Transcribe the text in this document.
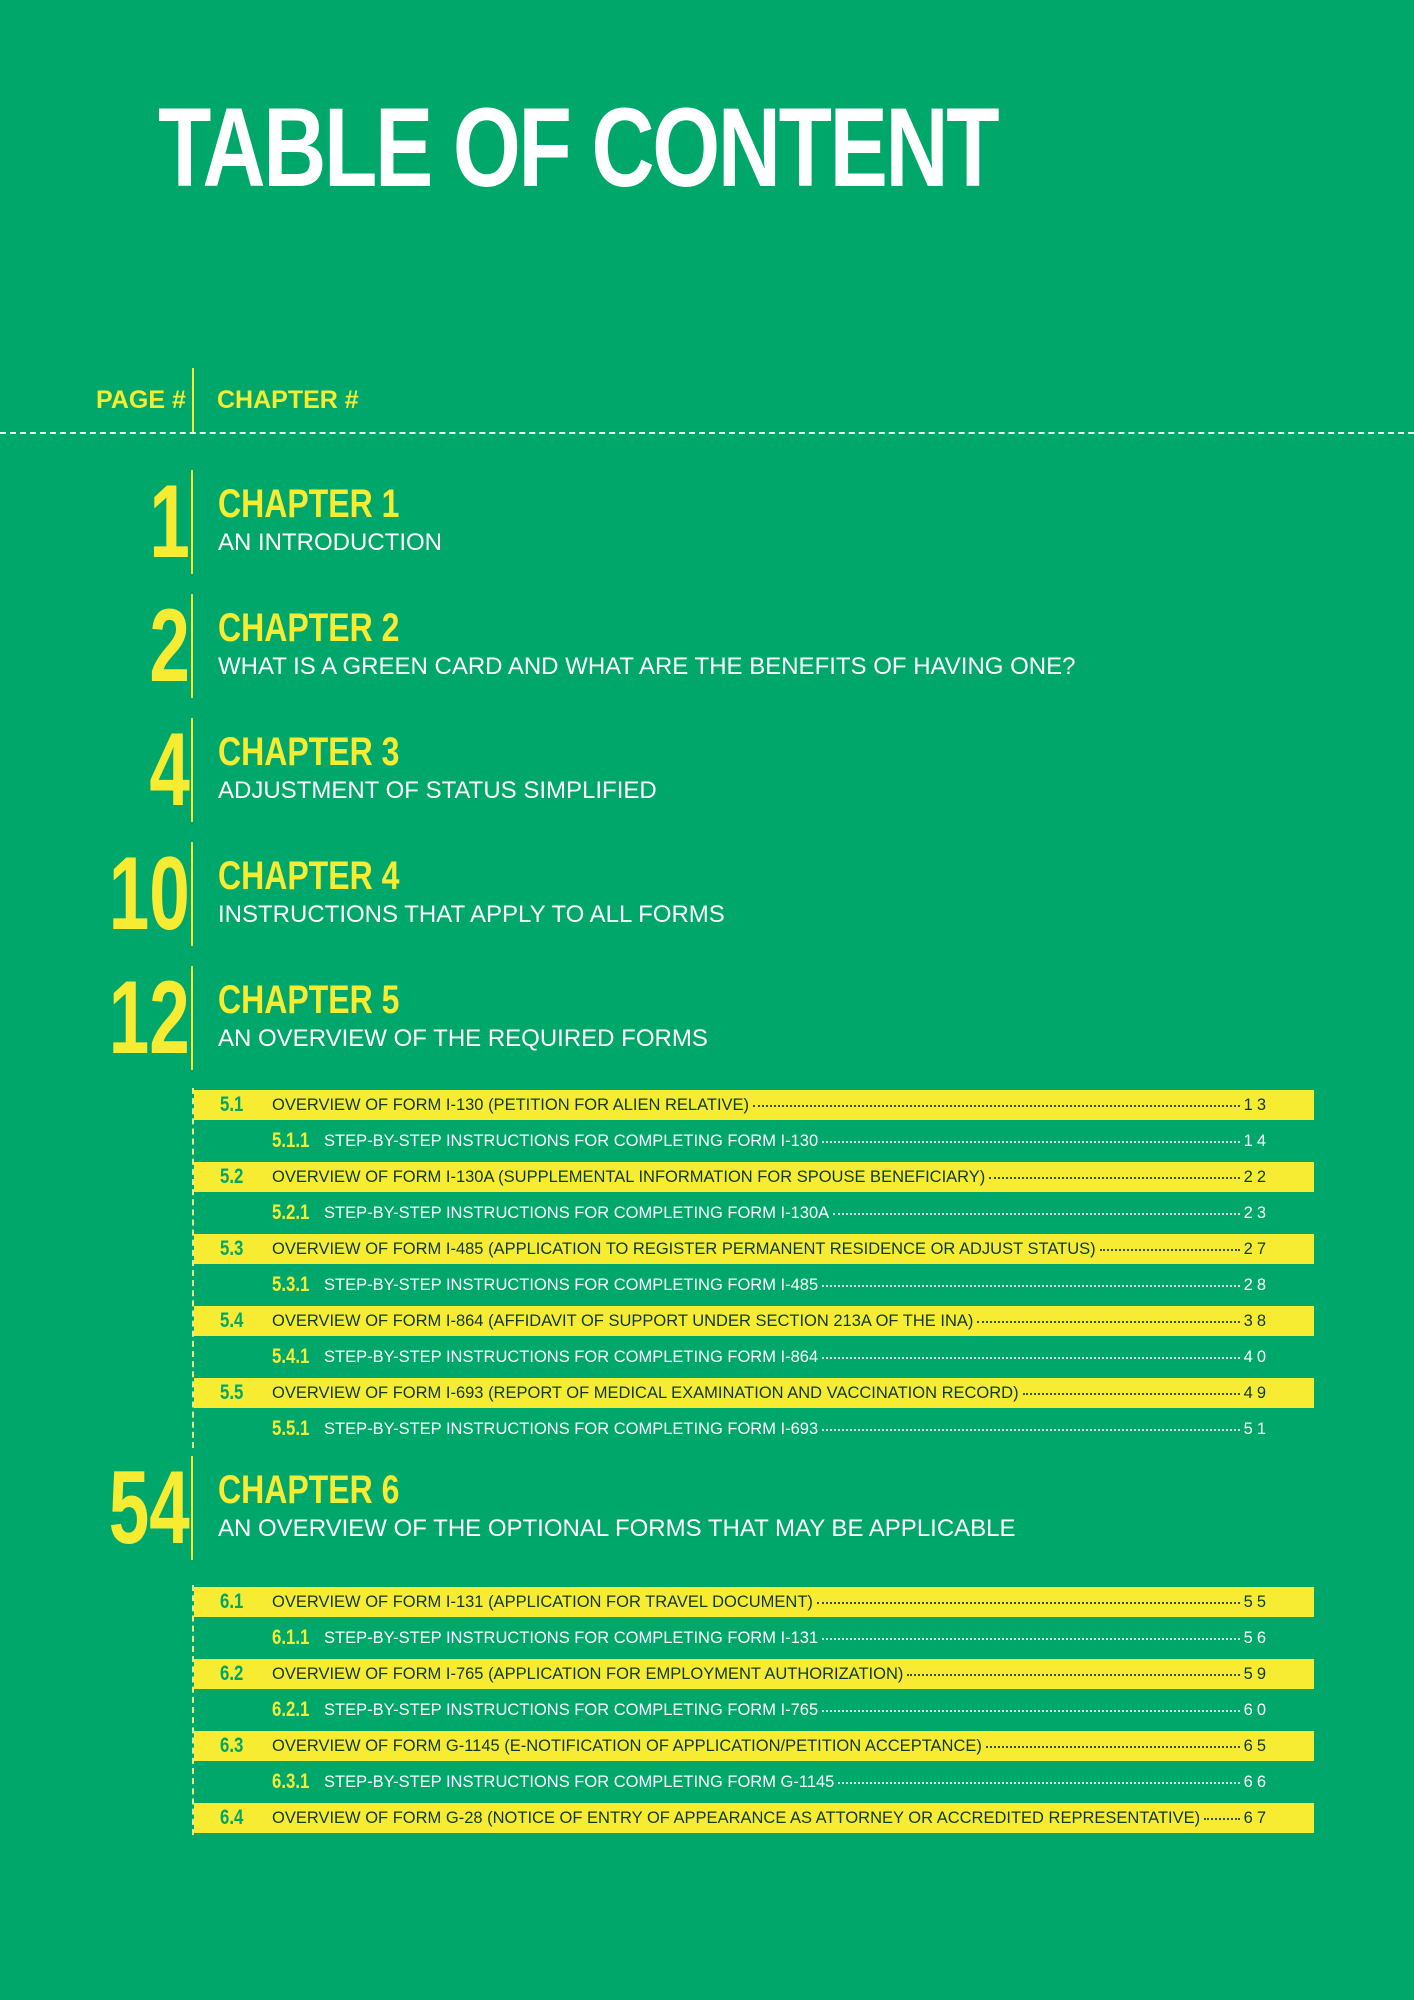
TABLE OF CONTENT
PAGE # CHAPTER #
1 CHAPTER 1
AN INTRODUCTION
2 CHAPTER 2
WHAT IS A GREEN CARD AND WHAT ARE THE BENEFITS OF HAVING ONE?
4 CHAPTER 3
ADJUSTMENT OF STATUS SIMPLIFIED
10 CHAPTER 4
INSTRUCTIONS THAT APPLY TO ALL FORMS
12 CHAPTER 5
AN OVERVIEW OF THE REQUIRED FORMS
5.1 OVERVIEW OF FORM I-130 (PETITION FOR ALIEN RELATIVE)	13
5.1.1 STEP-BY-STEP INSTRUCTIONS FOR COMPLETING FORM I-130	14
5.2 OVERVIEW OF FORM I-130A (SUPPLEMENTAL INFORMATION FOR SPOUSE BENEFICIARY)	22
5.2.1 STEP-BY-STEP INSTRUCTIONS FOR COMPLETING FORM I-130A	23
5.3 OVERVIEW OF FORM I-485 (APPLICATION TO REGISTER PERMANENT RESIDENCE OR ADJUST STATUS)	27
5.3.1 STEP-BY-STEP INSTRUCTIONS FOR COMPLETING FORM I-485	28
5.4 OVERVIEW OF FORM I-864 (AFFIDAVIT OF SUPPORT UNDER SECTION 213A OF THE INA)	38
5.4.1 STEP-BY-STEP INSTRUCTIONS FOR COMPLETING FORM I-864	40
5.5 OVERVIEW OF FORM I-693 (REPORT OF MEDICAL EXAMINATION AND VACCINATION RECORD)	49
5.5.1 STEP-BY-STEP INSTRUCTIONS FOR COMPLETING FORM I-693	51
54 CHAPTER 6
AN OVERVIEW OF THE OPTIONAL FORMS THAT MAY BE APPLICABLE
6.1 OVERVIEW OF FORM I-131 (APPLICATION FOR TRAVEL DOCUMENT)	55
6.1.1 STEP-BY-STEP INSTRUCTIONS FOR COMPLETING FORM I-131	56
6.2 OVERVIEW OF FORM I-765 (APPLICATION FOR EMPLOYMENT AUTHORIZATION)	59
6.2.1 STEP-BY-STEP INSTRUCTIONS FOR COMPLETING FORM I-765	60
6.3 OVERVIEW OF FORM G-1145 (E-NOTIFICATION OF APPLICATION/PETITION ACCEPTANCE)	65
6.3.1 STEP-BY-STEP INSTRUCTIONS FOR COMPLETING FORM G-1145	66
6.4 OVERVIEW OF FORM G-28 (NOTICE OF ENTRY OF APPEARANCE AS ATTORNEY OR ACCREDITED REPRESENTATIVE)	67
